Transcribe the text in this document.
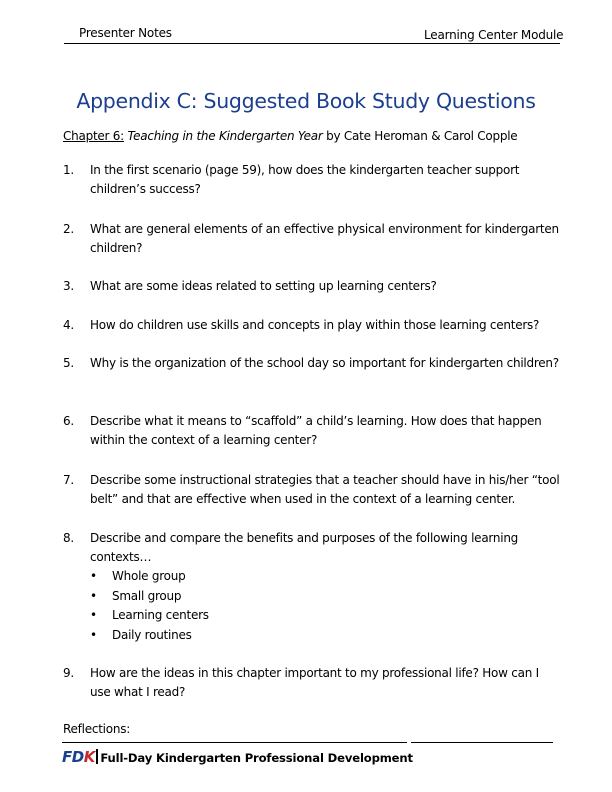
Presenter Notes	Learning Center Module
Appendix C: Suggested Book Study Questions
Chapter 6: Teaching in the Kindergarten Year by Cate Heroman & Carol Copple
1. In the first scenario (page 59), how does the kindergarten teacher support children’s success?
2. What are general elements of an effective physical environment for kindergarten children?
3. What are some ideas related to setting up learning centers?
4. How do children use skills and concepts in play within those learning centers?
5. Why is the organization of the school day so important for kindergarten children?
6. Describe what it means to “scaffold” a child’s learning. How does that happen within the context of a learning center?
7. Describe some instructional strategies that a teacher should have in his/her “tool belt” and that are effective when used in the context of a learning center.
8. Describe and compare the benefits and purposes of the following learning contexts…
• Whole group
• Small group
• Learning centers
• Daily routines
9. How are the ideas in this chapter important to my professional life? How can I use what I read?
Reflections:
FDK Full-Day Kindergarten Professional Development
